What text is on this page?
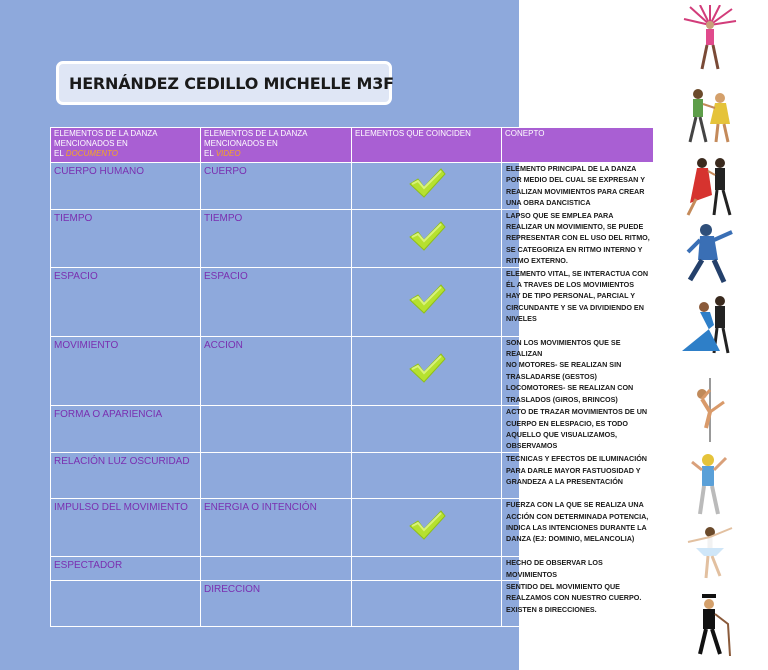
HERNÁNDEZ CEDILLO MICHELLE M3F
ELEMENTOS DE LA DANZA
MENCIONADOS EN
EL DOCUMENTO	ELEMENTOS DE LA DANZA
MENCIONADOS EN
EL VIDEO	ELEMENTOS QUE COINCIDEN	CONEPTO
CUERPO HUMANO	CUERPO		ELEMENTO PRINCIPAL DE LA DANZA POR MEDIO DEL CUAL SE EXPRESAN Y REALIZAN MOVIMIENTOS PARA CREAR UNA OBRA DANCISTICA
TIEMPO	TIEMPO		LAPSO QUE SE EMPLEA PARA REALIZAR UN MOVIMIENTO, SE PUEDE REPRESENTAR CON EL USO DEL RITMO, SE CATEGORIZA EN RITMO INTERNO Y RITMO EXTERNO.
ESPACIO	ESPACIO		ELEMENTO VITAL, SE INTERACTUA CON ÉL A TRAVES DE LOS MOVIMIENTOS
HAY DE TIPO PERSONAL, PARCIAL Y CIRCUNDANTE Y SE VA DIVIDIENDO EN NIVELES
MOVIMIENTO	ACCION		SON LOS MOVIMIENTOS QUE SE REALIZAN
NO MOTORES- SE REALIZAN SIN TRASLADARSE (GESTOS)
LOCOMOTORES- SE REALIZAN CON TRASLADOS (GIROS, BRINCOS)
FORMA O APARIENCIA			ACTO DE TRAZAR MOVIMIENTOS DE UN CUERPO EN ELESPACIO, ES TODO AQUELLO QUE VISUALIZAMOS, OBSERVAMOS
RELACIÓN LUZ OSCURIDAD			TECNICAS Y EFECTOS DE ILUMINACIÓN PARA DARLE MAYOR FASTUOSIDAD Y GRANDEZA A LA PRESENTACIÓN
IMPULSO DEL MOVIMIENTO	ENERGIA O INTENCIÓN		FUERZA CON LA QUE SE REALIZA UNA ACCIÓN CON DETERMINADA POTENCIA, INDICA LAS INTENCIONES DURANTE LA DANZA (EJ: DOMINIO, MELANCOLIA)
ESPECTADOR			HECHO DE OBSERVAR LOS MOVIMIENTOS
	DIRECCION		SENTIDO DEL MOVIMIENTO QUE REALZAMOS CON NUESTRO CUERPO. EXISTEN 8 DIRECCIONES.
